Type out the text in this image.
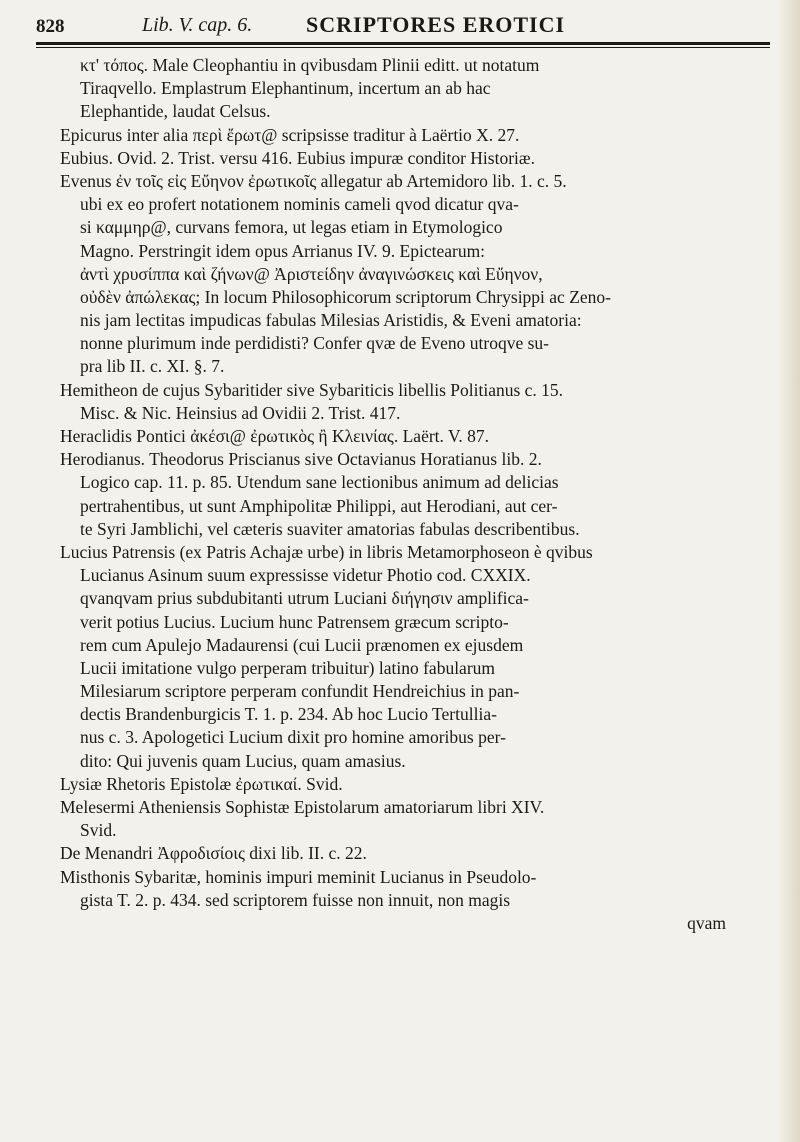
828	Lib. V. cap. 6. SCRIPTORES EROTICI
κτ' τόπος. Male Cleophantiu in qvibusdam Plinii editt. ut notatum
Tiraqvello. Emplastrum Elephantinum, incertum an ab hac
Elephantide, laudat Celsus.
Epicurus inter alia περὶ ἔρωτ@ scripsisse traditur à Laërtio X. 27.
Eubius. Ovid. 2. Trist. versu 416. Eubius impuræ conditor Historiæ.
Evenus ἐν τοῖς εἰς Εὔηνον ἐρωτικοῖς allegatur ab Artemidoro lib. 1. c. 5.
ubi ex eo profert notationem nominis cameli qvod dicatur qva-
si καμμηρ@, curvans femora, ut legas etiam in Etymologico
Magno. Perstringit idem opus Arrianus IV. 9. Epictearum:
ἀντὶ χρυσίππα καὶ ζήνων@ Ἀριστείδην ἀναγινώσκεις καὶ Εὔηνον,
οὐδὲν ἀπώλεκας; In locum Philosophicorum scriptorum Chrysippi ac Zeno-
nis jam lectitas impudicas fabulas Milesias Aristidis, & Eveni amatoria:
nonne plurimum inde perdidisti? Confer qvæ de Eveno utroqve su-
pra lib II. c. XI. §. 7.
Hemitheon de cujus Sybaritider sive Sybariticis libellis Politianus c. 15.
Misc. & Nic. Heinsius ad Ovidii 2. Trist. 417.
Heraclidis Pontici ἀκέσι@ ἐρωτικὸς ἢ Κλεινίας. Laërt. V. 87.
Herodianus. Theodorus Priscianus sive Octavianus Horatianus lib. 2.
Logico cap. 11. p. 85. Utendum sane lectionibus animum ad delicias
pertrahentibus, ut sunt Amphipolitæ Philippi, aut Herodiani, aut cer-
te Syri Jamblichi, vel cæteris suaviter amatorias fabulas describentibus.
Lucius Patrensis (ex Patris Achajæ urbe) in libris Metamorphoseon è qvibus
Lucianus Asinum suum expressisse videtur Photio cod. CXXIX.
qvanqvam prius subdubitanti utrum Luciani διήγησιν amplifica-
verit potius Lucius. Lucium hunc Patrensem græcum scripto-
rem cum Apulejo Madaurensi (cui Lucii prænomen ex ejusdem
Lucii imitatione vulgo perperam tribuitur) latino fabularum
Milesiarum scriptore perperam confundit Hendreichius in pan-
dectis Brandenburgicis T. 1. p. 234. Ab hoc Lucio Tertullia-
nus c. 3. Apologetici Lucium dixit pro homine amoribus per-
dito: Qui juvenis quam Lucius, quam amasius.
Lysiæ Rhetoris Epistolæ ἐρωτικαί. Svid.
Melesermi Atheniensis Sophistæ Epistolarum amatoriarum libri XIV.
Svid.
De Menandri Ἀφροδισίοις dixi lib. II. c. 22.
Misthonis Sybaritæ, hominis impuri meminit Lucianus in Pseudolo-
gista T. 2. p. 434. sed scriptorem fuisse non innuit, non magis
qvam
